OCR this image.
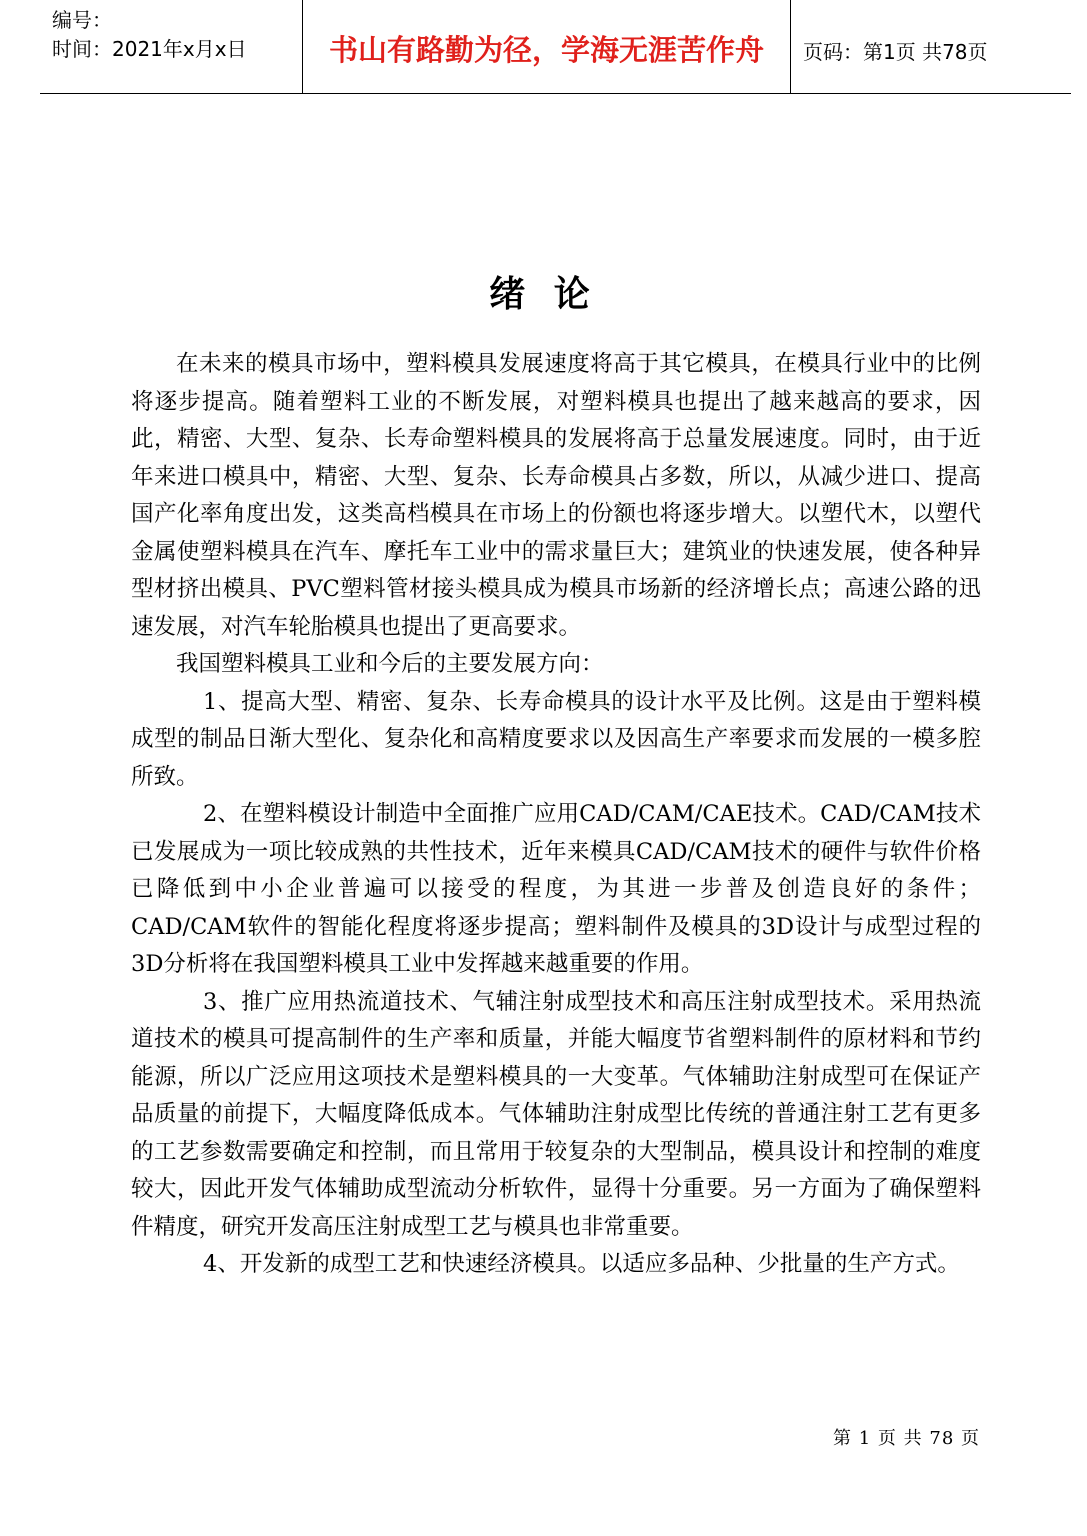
编号：
时间：2021年x月x日	书山有路勤为径，学海无涯苦作舟	页码：第1页 共78页
绪 论

在未来的模具市场中，塑料模具发展速度将高于其它模具，在模具行业中的比例将逐步提高。随着塑料工业的不断发展，对塑料模具也提出了越来越高的要求，因此，精密、大型、复杂、长寿命塑料模具的发展将高于总量发展速度。同时，由于近年来进口模具中，精密、大型、复杂、长寿命模具占多数，所以，从减少进口、提高国产化率角度出发，这类高档模具在市场上的份额也将逐步增大。以塑代木，以塑代金属使塑料模具在汽车、摩托车工业中的需求量巨大；建筑业的快速发展，使各种异型材挤出模具、PVC塑料管材接头模具成为模具市场新的经济增长点；高速公路的迅速发展，对汽车轮胎模具也提出了更高要求。

我国塑料模具工业和今后的主要发展方向：

1、提高大型、精密、复杂、长寿命模具的设计水平及比例。这是由于塑料模成型的制品日渐大型化、复杂化和高精度要求以及因高生产率要求而发展的一模多腔所致。

2、在塑料模设计制造中全面推广应用CAD/CAM/CAE技术。CAD/CAM技术已发展成为一项比较成熟的共性技术，近年来模具CAD/CAM技术的硬件与软件价格已降低到中小企业普遍可以接受的程度，为其进一步普及创造良好的条件；CAD/CAM软件的智能化程度将逐步提高；塑料制件及模具的3D设计与成型过程的3D分析将在我国塑料模具工业中发挥越来越重要的作用。

3、推广应用热流道技术、气辅注射成型技术和高压注射成型技术。采用热流道技术的模具可提高制件的生产率和质量，并能大幅度节省塑料制件的原材料和节约能源，所以广泛应用这项技术是塑料模具的一大变革。气体辅助注射成型可在保证产品质量的前提下，大幅度降低成本。气体辅助注射成型比传统的普通注射工艺有更多的工艺参数需要确定和控制，而且常用于较复杂的大型制品，模具设计和控制的难度较大，因此开发气体辅助成型流动分析软件，显得十分重要。另一方面为了确保塑料件精度，研究开发高压注射成型工艺与模具也非常重要。

4、开发新的成型工艺和快速经济模具。以适应多品种、少批量的生产方式。

第 1 页 共 78 页
